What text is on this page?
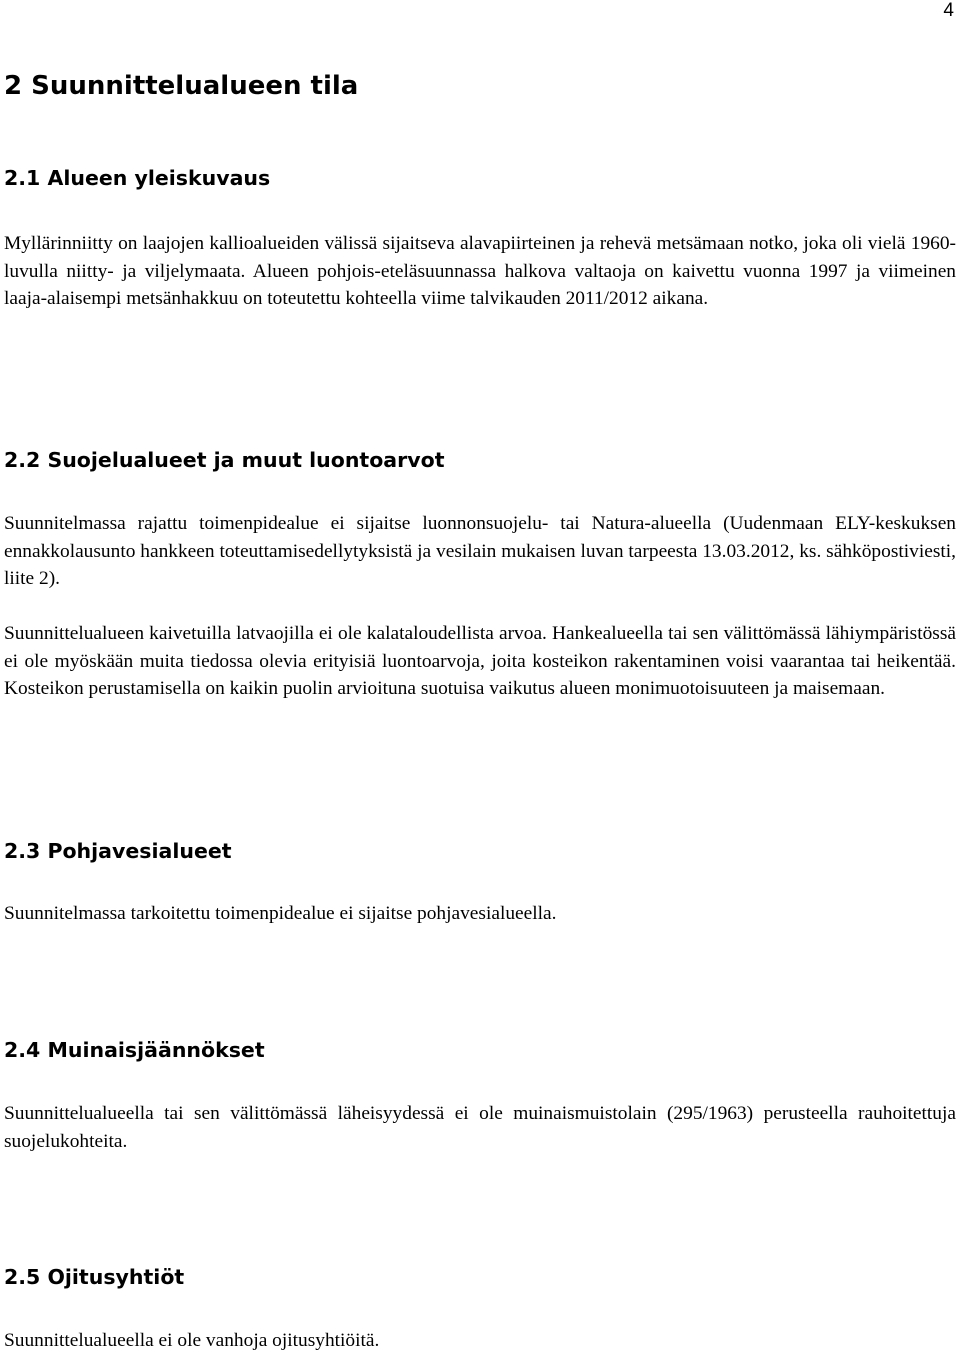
4
2 Suunnittelualueen tila
2.1 Alueen yleiskuvaus

Myllärinniitty on laajojen kallioalueiden välissä sijaitseva alavapiirteinen ja rehevä metsämaan notko, joka oli vielä 1960-luvulla niitty- ja viljelymaata. Alueen pohjois-eteläsuunnassa halkova valtaoja on kaivettu vuonna 1997 ja viimeinen laaja-alaisempi metsänhakkuu on toteutettu kohteella viime talvikauden 2011/2012 aikana.

2.2 Suojelualueet ja muut luontoarvot

Suunnitelmassa rajattu toimenpidealue ei sijaitse luonnonsuojelu- tai Natura-alueella (Uudenmaan ELY-keskuksen ennakkolausunto hankkeen toteuttamisedellytyksistä ja vesilain mukaisen luvan tarpeesta 13.03.2012, ks. sähköpostiviesti, liite 2).

Suunnittelualueen kaivetuilla latvaojilla ei ole kalataloudellista arvoa. Hankealueella tai sen välittömässä lähiympäristössä ei ole myöskään muita tiedossa olevia erityisiä luontoarvoja, joita kosteikon rakentaminen voisi vaarantaa tai heikentää. Kosteikon perustamisella on kaikin puolin arvioituna suotuisa vaikutus alueen monimuotoisuuteen ja maisemaan.

2.3 Pohjavesialueet

Suunnitelmassa tarkoitettu toimenpidealue ei sijaitse pohjavesialueella.

2.4 Muinaisjäännökset

Suunnittelualueella tai sen välittömässä läheisyydessä ei ole muinaismuistolain (295/1963) perusteella rauhoitettuja suojelukohteita.

2.5 Ojitusyhtiöt

Suunnittelualueella ei ole vanhoja ojitusyhtiöitä.
